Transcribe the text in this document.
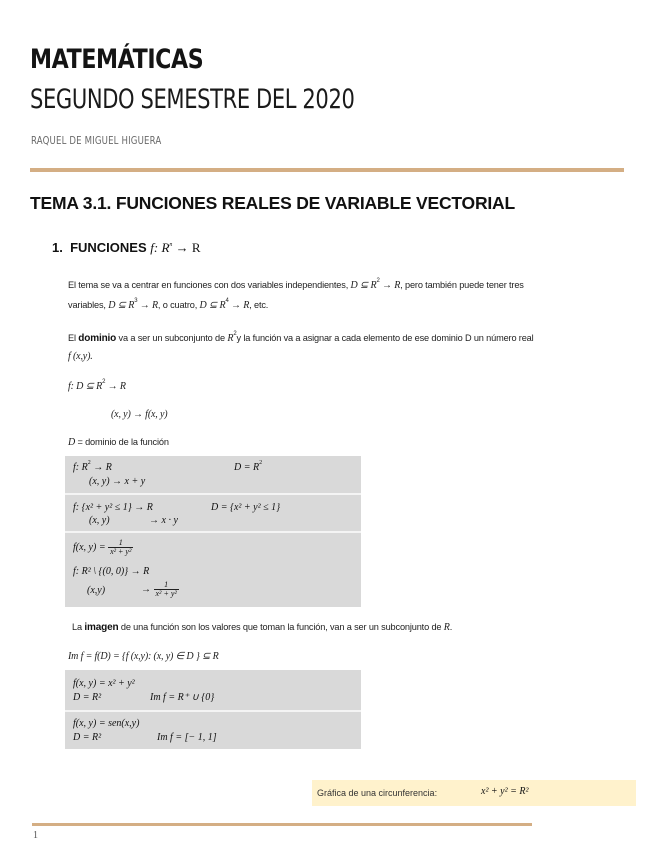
MATEMÁTICAS
SEGUNDO SEMESTRE DEL 2020
RAQUEL DE MIGUEL HIGUERA
TEMA 3.1. FUNCIONES REALES DE VARIABLE VECTORIAL
1. FUNCIONES f: $R^n \to R$
El tema se va a centrar en funciones con dos variables independientes, D ⊆ $R^2 \to R$, pero también puede tener tres
variables, D ⊆ $R^3 \to R$, o cuatro, D ⊆ $R^4 \to R$, etc.
El dominio va a ser un subconjunto de $R^2y$ la función va a asignar a cada elemento de ese dominio D un número real
f (x,y).
f: D ⊆ $R^2 \to R$
(x, y) → f(x, y)
D = dominio de la función
f: $R^2 \to R$
(x, y) → x + y
$D = R^2$
f: {x² + y² ≤ 1} → R
(x, y)	→ x · y
D = {x² + y² ≤ 1}
f(x, $y) = \frac{1}{\text{x² + y²}}$
f: R² \ {(0, 0)} → R
(x,y)	→ $\frac{1}{\text{x² + y²}}$
La imagen de una función son los valores que toman la función, van a ser un subconjunto de R.
Im f = f(D) = {f (x,y): (x, y) ∈ D } ⊆ R
f(x, y) = x² + y²
D = R²	Im f = R⁺ ∪ {0}
f(x, y) = sen(x,y)
D = R²	Im f = [− 1, 1]
Gráfica de una circunferencia:	x² + y² = R²
1
